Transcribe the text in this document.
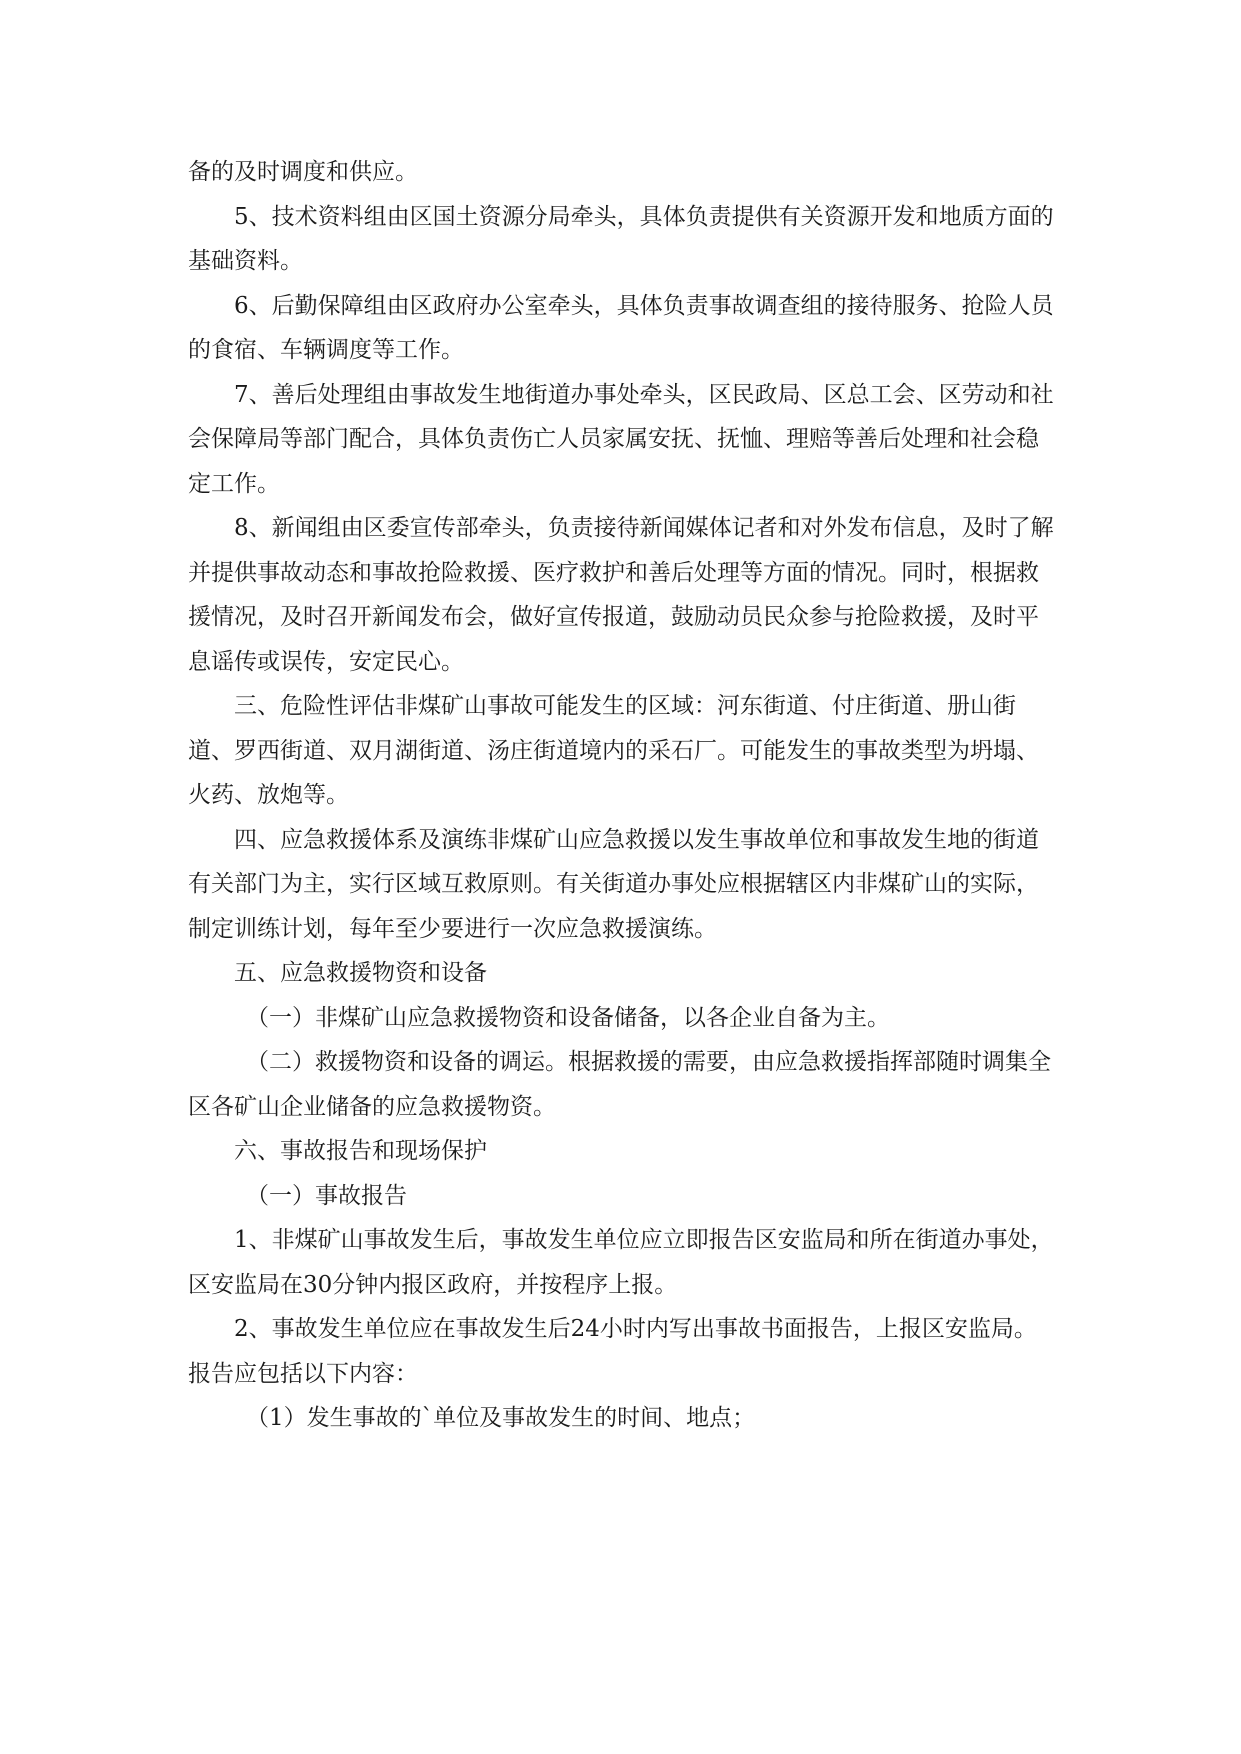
备的及时调度和供应。

5、技术资料组由区国土资源分局牵头，具体负责提供有关资源开发和地质方面的基础资料。

6、后勤保障组由区政府办公室牵头，具体负责事故调查组的接待服务、抢险人员的食宿、车辆调度等工作。

7、善后处理组由事故发生地街道办事处牵头，区民政局、区总工会、区劳动和社会保障局等部门配合，具体负责伤亡人员家属安抚、抚恤、理赔等善后处理和社会稳定工作。

8、新闻组由区委宣传部牵头，负责接待新闻媒体记者和对外发布信息，及时了解并提供事故动态和事故抢险救援、医疗救护和善后处理等方面的情况。同时，根据救援情况，及时召开新闻发布会，做好宣传报道，鼓励动员民众参与抢险救援，及时平息谣传或误传，安定民心。

三、危险性评估非煤矿山事故可能发生的区域：河东街道、付庄街道、册山街道、罗西街道、双月湖街道、汤庄街道境内的采石厂。可能发生的事故类型为坍塌、火药、放炮等。

四、应急救援体系及演练非煤矿山应急救援以发生事故单位和事故发生地的街道有关部门为主，实行区域互救原则。有关街道办事处应根据辖区内非煤矿山的实际，制定训练计划，每年至少要进行一次应急救援演练。

五、应急救援物资和设备

（一）非煤矿山应急救援物资和设备储备，以各企业自备为主。

（二）救援物资和设备的调运。根据救援的需要，由应急救援指挥部随时调集全区各矿山企业储备的应急救援物资。

六、事故报告和现场保护

（一）事故报告

1、非煤矿山事故发生后，事故发生单位应立即报告区安监局和所在街道办事处，区安监局在30分钟内报区政府，并按程序上报。

2、事故发生单位应在事故发生后24小时内写出事故书面报告，上报区安监局。报告应包括以下内容：

（1）发生事故的`单位及事故发生的时间、地点；
